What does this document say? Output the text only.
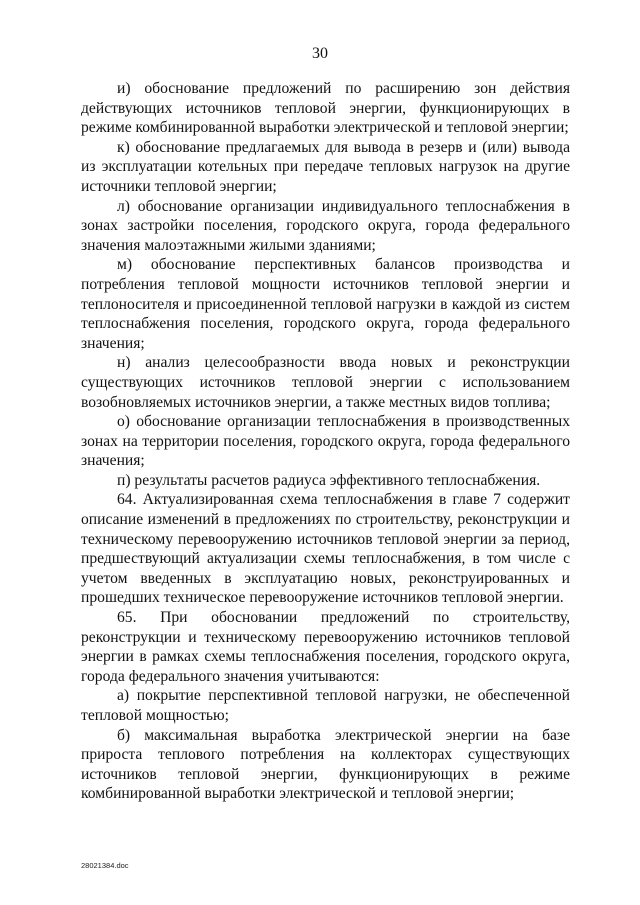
30

и) обоснование предложений по расширению зон действия действующих источников тепловой энергии, функционирующих в режиме комбинированной выработки электрической и тепловой энергии;

к) обоснование предлагаемых для вывода в резерв и (или) вывода из эксплуатации котельных при передаче тепловых нагрузок на другие источники тепловой энергии;

л) обоснование организации индивидуального теплоснабжения в зонах застройки поселения, городского округа, города федерального значения малоэтажными жилыми зданиями;

м) обоснование перспективных балансов производства и потребления тепловой мощности источников тепловой энергии и теплоносителя и присоединенной тепловой нагрузки в каждой из систем теплоснабжения поселения, городского округа, города федерального значения;

н) анализ целесообразности ввода новых и реконструкции существующих источников тепловой энергии с использованием возобновляемых источников энергии, а также местных видов топлива;

о) обоснование организации теплоснабжения в производственных зонах на территории поселения, городского округа, города федерального значения;

п) результаты расчетов радиуса эффективного теплоснабжения.

64. Актуализированная схема теплоснабжения в главе 7 содержит описание изменений в предложениях по строительству, реконструкции и техническому перевооружению источников тепловой энергии за период, предшествующий актуализации схемы теплоснабжения, в том числе с учетом введенных в эксплуатацию новых, реконструированных и прошедших техническое перевооружение источников тепловой энергии.

65. При обосновании предложений по строительству, реконструкции и техническому перевооружению источников тепловой энергии в рамках схемы теплоснабжения поселения, городского округа, города федерального значения учитываются:

а) покрытие перспективной тепловой нагрузки, не обеспеченной тепловой мощностью;

б) максимальная выработка электрической энергии на базе прироста теплового потребления на коллекторах существующих источников тепловой энергии, функционирующих в режиме комбинированной выработки электрической и тепловой энергии;

28021384.doc
